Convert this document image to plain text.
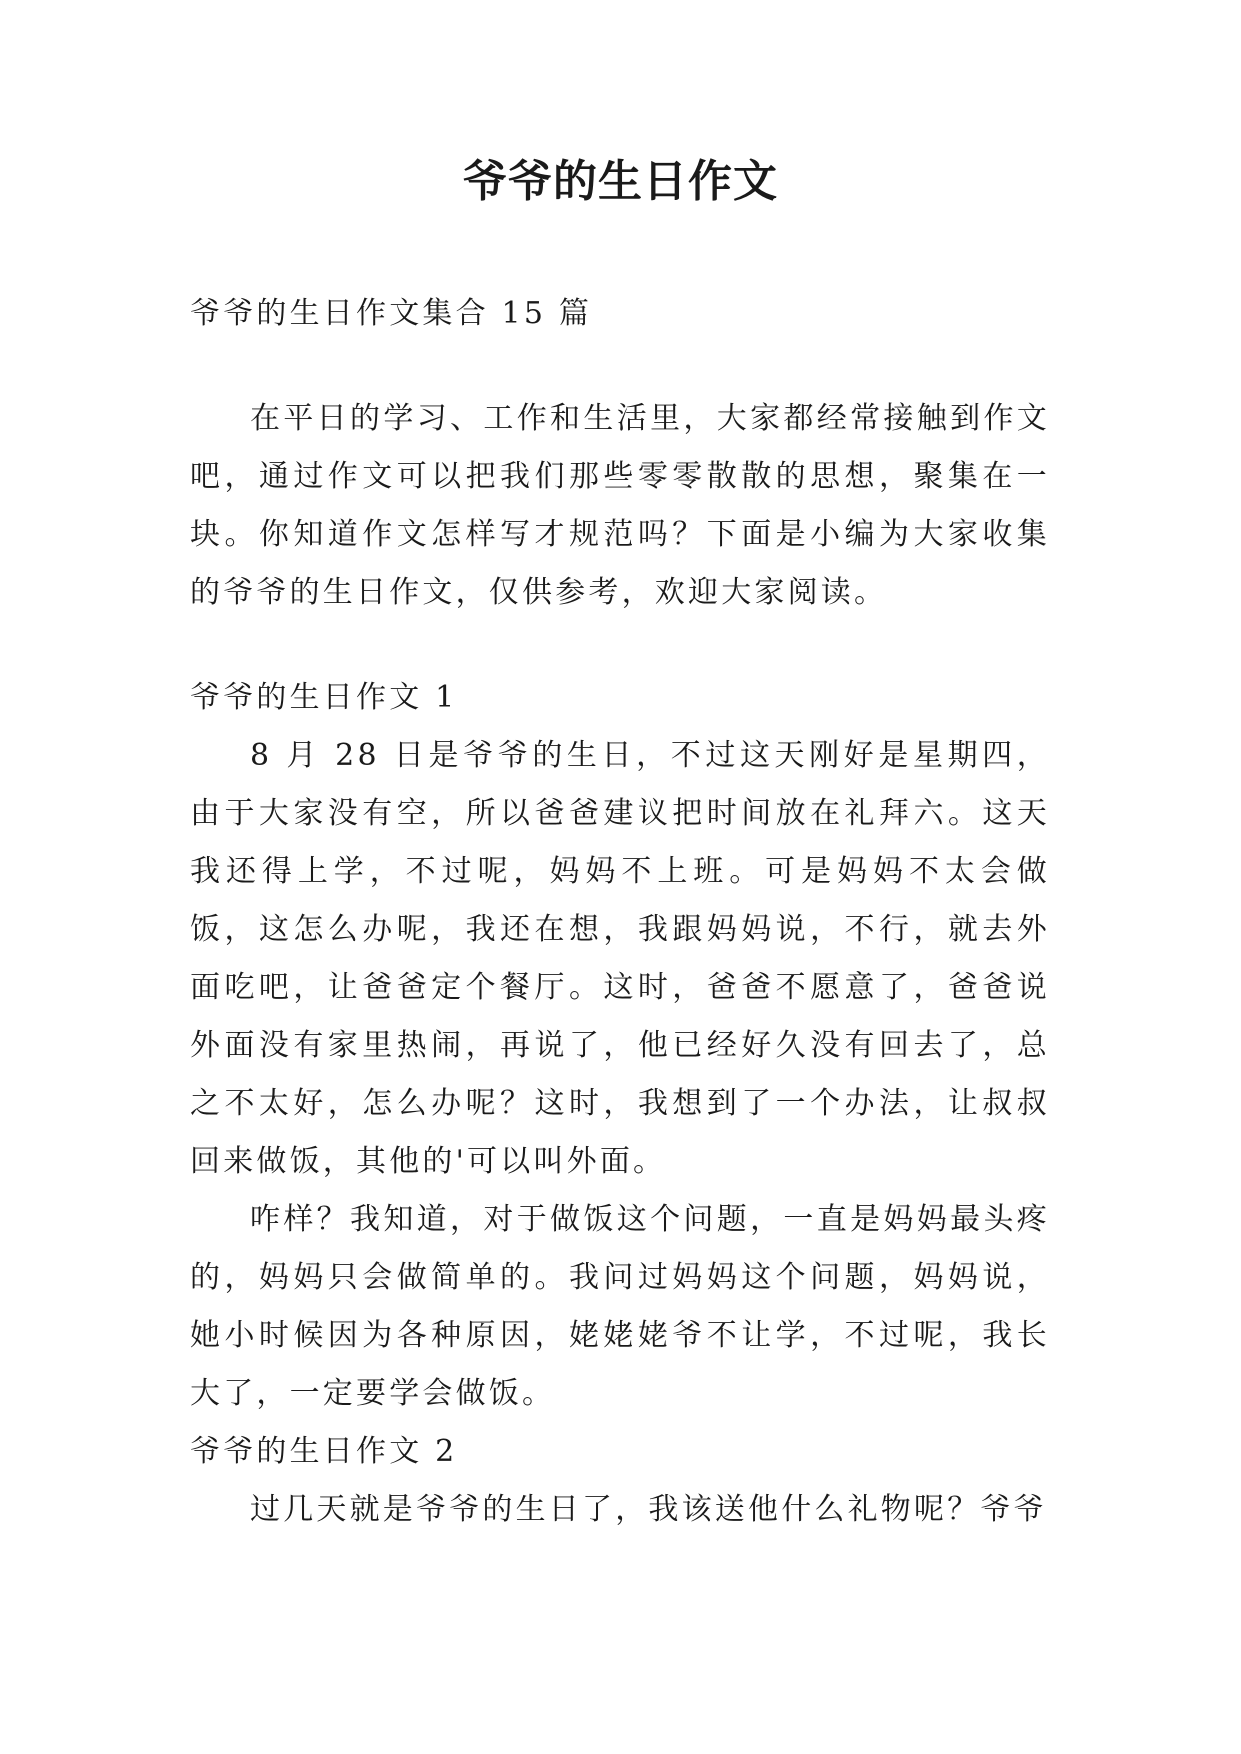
爷爷的生日作文

爷爷的生日作文集合 15 篇

在平日的学习、工作和生活里，大家都经常接触到作文吧，通过作文可以把我们那些零零散散的思想，聚集在一块。你知道作文怎样写才规范吗？下面是小编为大家收集的爷爷的生日作文，仅供参考，欢迎大家阅读。

爷爷的生日作文 1

8 月 28 日是爷爷的生日，不过这天刚好是星期四，由于大家没有空，所以爸爸建议把时间放在礼拜六。这天我还得上学，不过呢，妈妈不上班。可是妈妈不太会做饭，这怎么办呢，我还在想，我跟妈妈说，不行，就去外面吃吧，让爸爸定个餐厅。这时，爸爸不愿意了，爸爸说外面没有家里热闹，再说了，他已经好久没有回去了，总之不太好，怎么办呢？这时，我想到了一个办法，让叔叔回来做饭，其他的'可以叫外面。

咋样？我知道，对于做饭这个问题，一直是妈妈最头疼的，妈妈只会做简单的。我问过妈妈这个问题，妈妈说，她小时候因为各种原因，姥姥姥爷不让学，不过呢，我长大了，一定要学会做饭。

爷爷的生日作文 2

过几天就是爷爷的生日了，我该送他什么礼物呢？爷爷
